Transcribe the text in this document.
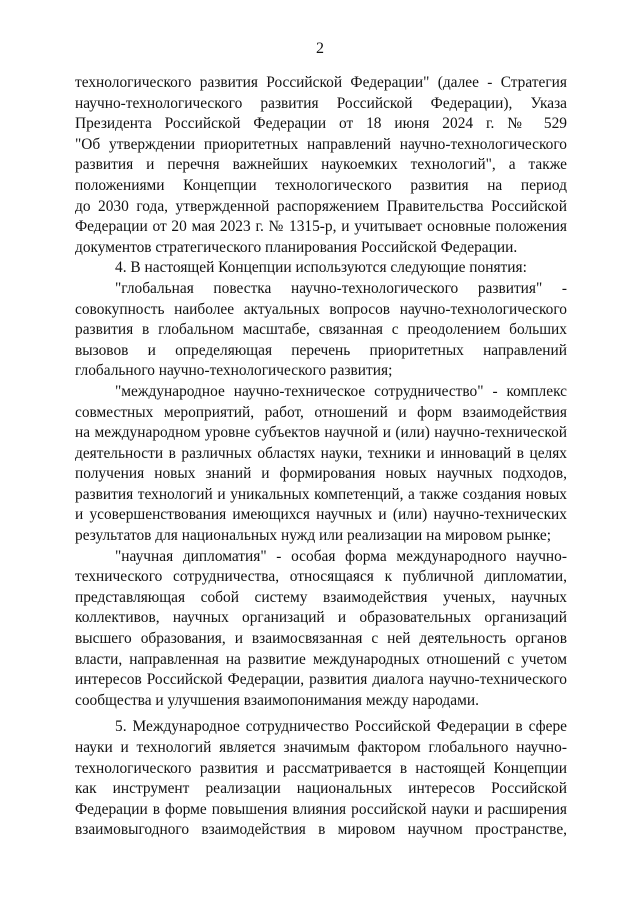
2
технологического развития Российской Федерации" (далее - Стратегия
научно-технологического развития Российской Федерации), Указа
Президента Российской Федерации от 18 июня 2024 г. № 529
"Об утверждении приоритетных направлений научно-технологического
развития и перечня важнейших наукоемких технологий", а также
положениями Концепции технологического развития на период
до 2030 года, утвержденной распоряжением Правительства Российской
Федерации от 20 мая 2023 г. № 1315-р, и учитывает основные положения
документов стратегического планирования Российской Федерации.
4. В настоящей Концепции используются следующие понятия:
"глобальная повестка научно-технологического развития" -
совокупность наиболее актуальных вопросов научно-технологического
развития в глобальном масштабе, связанная с преодолением больших
вызовов и определяющая перечень приоритетных направлений
глобального научно-технологического развития;
"международное научно-техническое сотрудничество" - комплекс
совместных мероприятий, работ, отношений и форм взаимодействия
на международном уровне субъектов научной и (или) научно-технической
деятельности в различных областях науки, техники и инноваций в целях
получения новых знаний и формирования новых научных подходов,
развития технологий и уникальных компетенций, а также создания новых
и усовершенствования имеющихся научных и (или) научно-технических
результатов для национальных нужд или реализации на мировом рынке;
"научная дипломатия" - особая форма международного научно-
технического сотрудничества, относящаяся к публичной дипломатии,
представляющая собой систему взаимодействия ученых, научных
коллективов, научных организаций и образовательных организаций
высшего образования, и взаимосвязанная с ней деятельность органов
власти, направленная на развитие международных отношений с учетом
интересов Российской Федерации, развития диалога научно-технического
сообщества и улучшения взаимопонимания между народами.
5. Международное сотрудничество Российской Федерации в сфере
науки и технологий является значимым фактором глобального научно-
технологического развития и рассматривается в настоящей Концепции
как инструмент реализации национальных интересов Российской
Федерации в форме повышения влияния российской науки и расширения
взаимовыгодного взаимодействия в мировом научном пространстве,
